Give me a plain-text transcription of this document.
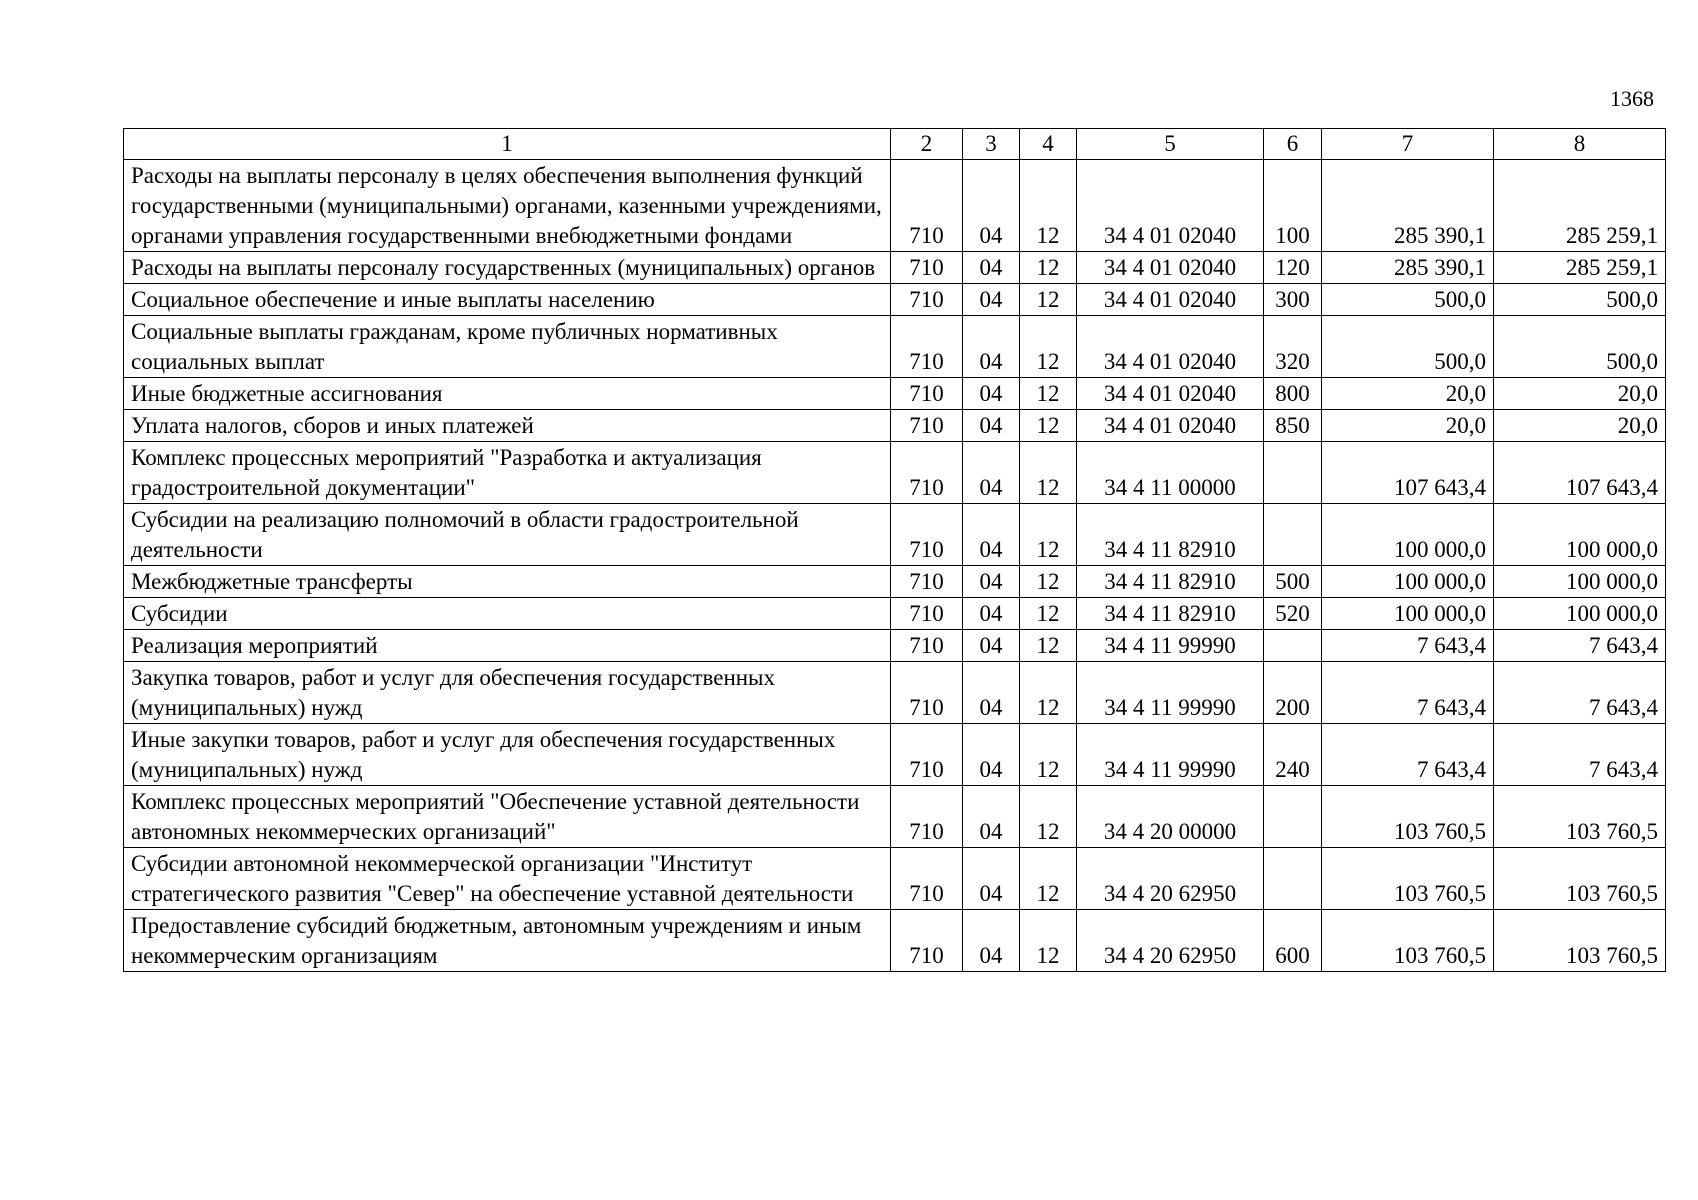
1368
1	2	3	4	5	6	7	8
Расходы на выплаты персоналу в целях обеспечения выполнения функций государственными (муниципальными) органами, казенными учреждениями, органами управления государственными внебюджетными фондами	710	04	12	34 4 01 02040	100	285 390,1	285 259,1
Расходы на выплаты персоналу государственных (муниципальных) органов	710	04	12	34 4 01 02040	120	285 390,1	285 259,1
Социальное обеспечение и иные выплаты населению	710	04	12	34 4 01 02040	300	500,0	500,0
Социальные выплаты гражданам, кроме публичных нормативных социальных выплат	710	04	12	34 4 01 02040	320	500,0	500,0
Иные бюджетные ассигнования	710	04	12	34 4 01 02040	800	20,0	20,0
Уплата налогов, сборов и иных платежей	710	04	12	34 4 01 02040	850	20,0	20,0
Комплекс процессных мероприятий "Разработка и актуализация градостроительной документации"	710	04	12	34 4 11 00000		107 643,4	107 643,4
Субсидии на реализацию полномочий в области градостроительной деятельности	710	04	12	34 4 11 82910		100 000,0	100 000,0
Межбюджетные трансферты	710	04	12	34 4 11 82910	500	100 000,0	100 000,0
Субсидии	710	04	12	34 4 11 82910	520	100 000,0	100 000,0
Реализация мероприятий	710	04	12	34 4 11 99990		7 643,4	7 643,4
Закупка товаров, работ и услуг для обеспечения государственных (муниципальных) нужд	710	04	12	34 4 11 99990	200	7 643,4	7 643,4
Иные закупки товаров, работ и услуг для обеспечения государственных (муниципальных) нужд	710	04	12	34 4 11 99990	240	7 643,4	7 643,4
Комплекс процессных мероприятий "Обеспечение уставной деятельности автономных некоммерческих организаций"	710	04	12	34 4 20 00000		103 760,5	103 760,5
Субсидии автономной некоммерческой организации "Институт стратегического развития "Север" на обеспечение уставной деятельности	710	04	12	34 4 20 62950		103 760,5	103 760,5
Предоставление субсидий бюджетным, автономным учреждениям и иным некоммерческим организациям	710	04	12	34 4 20 62950	600	103 760,5	103 760,5
